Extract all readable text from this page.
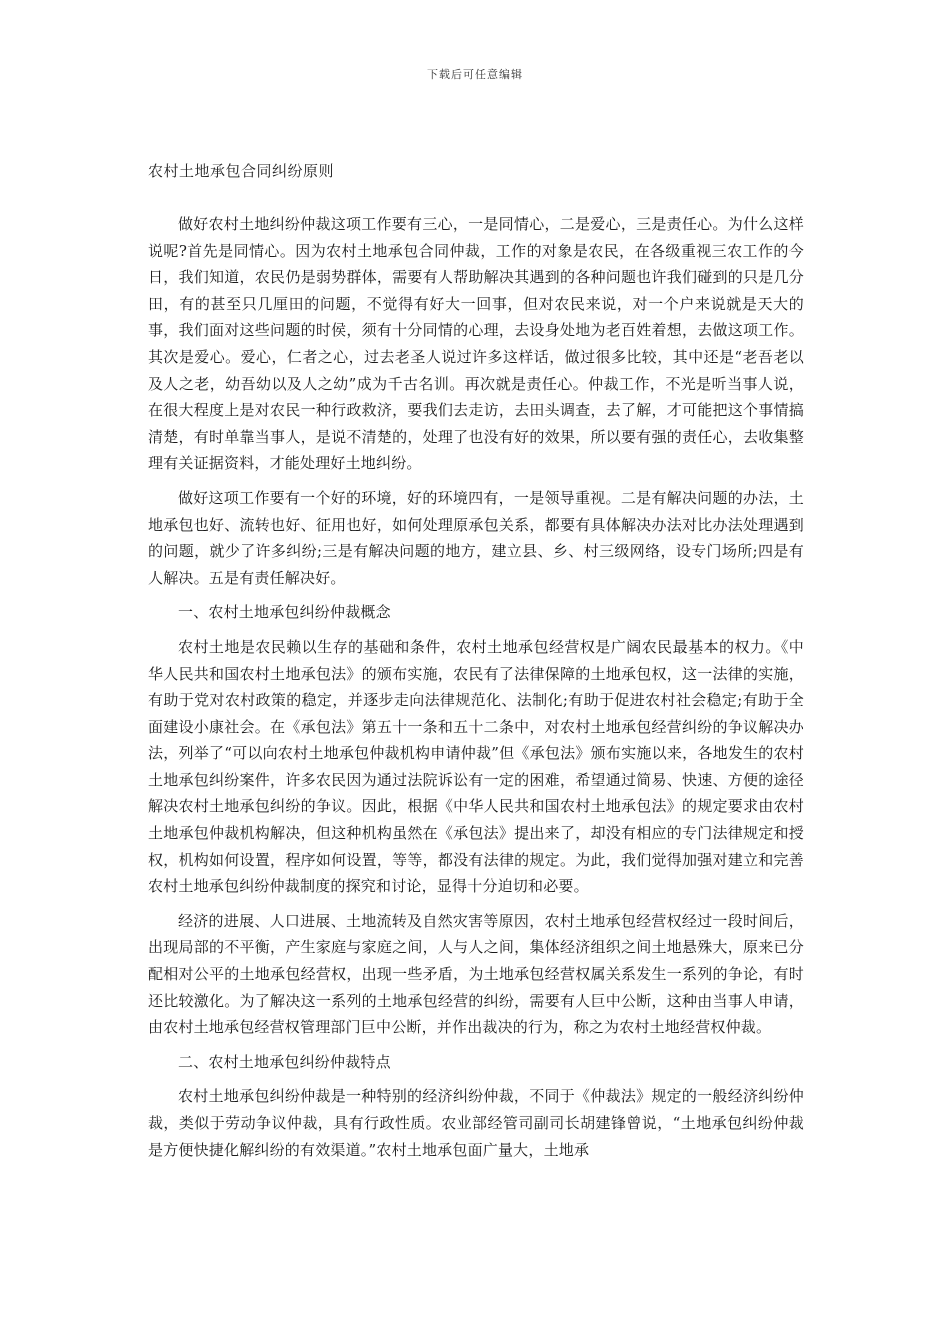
下载后可任意编辑
农村土地承包合同纠纷原则

做好农村土地纠纷仲裁这项工作要有三心，一是同情心，二是爱心，三是责任心。为什么这样说呢?首先是同情心。因为农村土地承包合同仲裁，工作的对象是农民，在各级重视三农工作的今日，我们知道，农民仍是弱势群体，需要有人帮助解决其遇到的各种问题也许我们碰到的只是几分田，有的甚至只几厘田的问题，不觉得有好大一回事，但对农民来说，对一个户来说就是天大的事，我们面对这些问题的时侯，须有十分同情的心理，去设身处地为老百姓着想，去做这项工作。其次是爱心。爱心，仁者之心，过去老圣人说过许多这样话，做过很多比较，其中还是“老吾老以及人之老，幼吾幼以及人之幼”成为千古名训。再次就是责任心。仲裁工作，不光是听当事人说，在很大程度上是对农民一种行政救济，要我们去走访，去田头调查，去了解，才可能把这个事情搞清楚，有时单靠当事人，是说不清楚的，处理了也没有好的效果，所以要有强的责任心，去收集整理有关证据资料，才能处理好土地纠纷。

做好这项工作要有一个好的环境，好的环境四有，一是领导重视。二是有解决问题的办法，土地承包也好、流转也好、征用也好，如何处理原承包关系，都要有具体解决办法对比办法处理遇到的问题，就少了许多纠纷;三是有解决问题的地方，建立县、乡、村三级网络，设专门场所;四是有人解决。五是有责任解决好。

一、农村土地承包纠纷仲裁概念

农村土地是农民赖以生存的基础和条件，农村土地承包经营权是广阔农民最基本的权力。《中华人民共和国农村土地承包法》的颁布实施，农民有了法律保障的土地承包权，这一法律的实施，有助于党对农村政策的稳定，并逐步走向法律规范化、法制化;有助于促进农村社会稳定;有助于全面建设小康社会。在《承包法》第五十一条和五十二条中，对农村土地承包经营纠纷的争议解决办法，列举了“可以向农村土地承包仲裁机构申请仲裁”但《承包法》颁布实施以来，各地发生的农村土地承包纠纷案件，许多农民因为通过法院诉讼有一定的困难，希望通过简易、快速、方便的途径解决农村土地承包纠纷的争议。因此，根据《中华人民共和国农村土地承包法》的规定要求由农村土地承包仲裁机构解决，但这种机构虽然在《承包法》提出来了，却没有相应的专门法律规定和授权，机构如何设置，程序如何设置，等等，都没有法律的规定。为此，我们觉得加强对建立和完善农村土地承包纠纷仲裁制度的探究和讨论，显得十分迫切和必要。

经济的进展、人口进展、土地流转及自然灾害等原因，农村土地承包经营权经过一段时间后，出现局部的不平衡，产生家庭与家庭之间，人与人之间，集体经济组织之间土地悬殊大，原来已分配相对公平的土地承包经营权，出现一些矛盾，为土地承包经营权属关系发生一系列的争论，有时还比较激化。为了解决这一系列的土地承包经营的纠纷，需要有人巨中公断，这种由当事人申请，由农村土地承包经营权管理部门巨中公断，并作出裁决的行为，称之为农村土地经营权仲裁。

二、农村土地承包纠纷仲裁特点

农村土地承包纠纷仲裁是一种特别的经济纠纷仲裁，不同于《仲裁法》规定的一般经济纠纷仲裁，类似于劳动争议仲裁，具有行政性质。农业部经管司副司长胡建锋曾说，“土地承包纠纷仲裁是方便快捷化解纠纷的有效渠道。”农村土地承包面广量大，土地承
